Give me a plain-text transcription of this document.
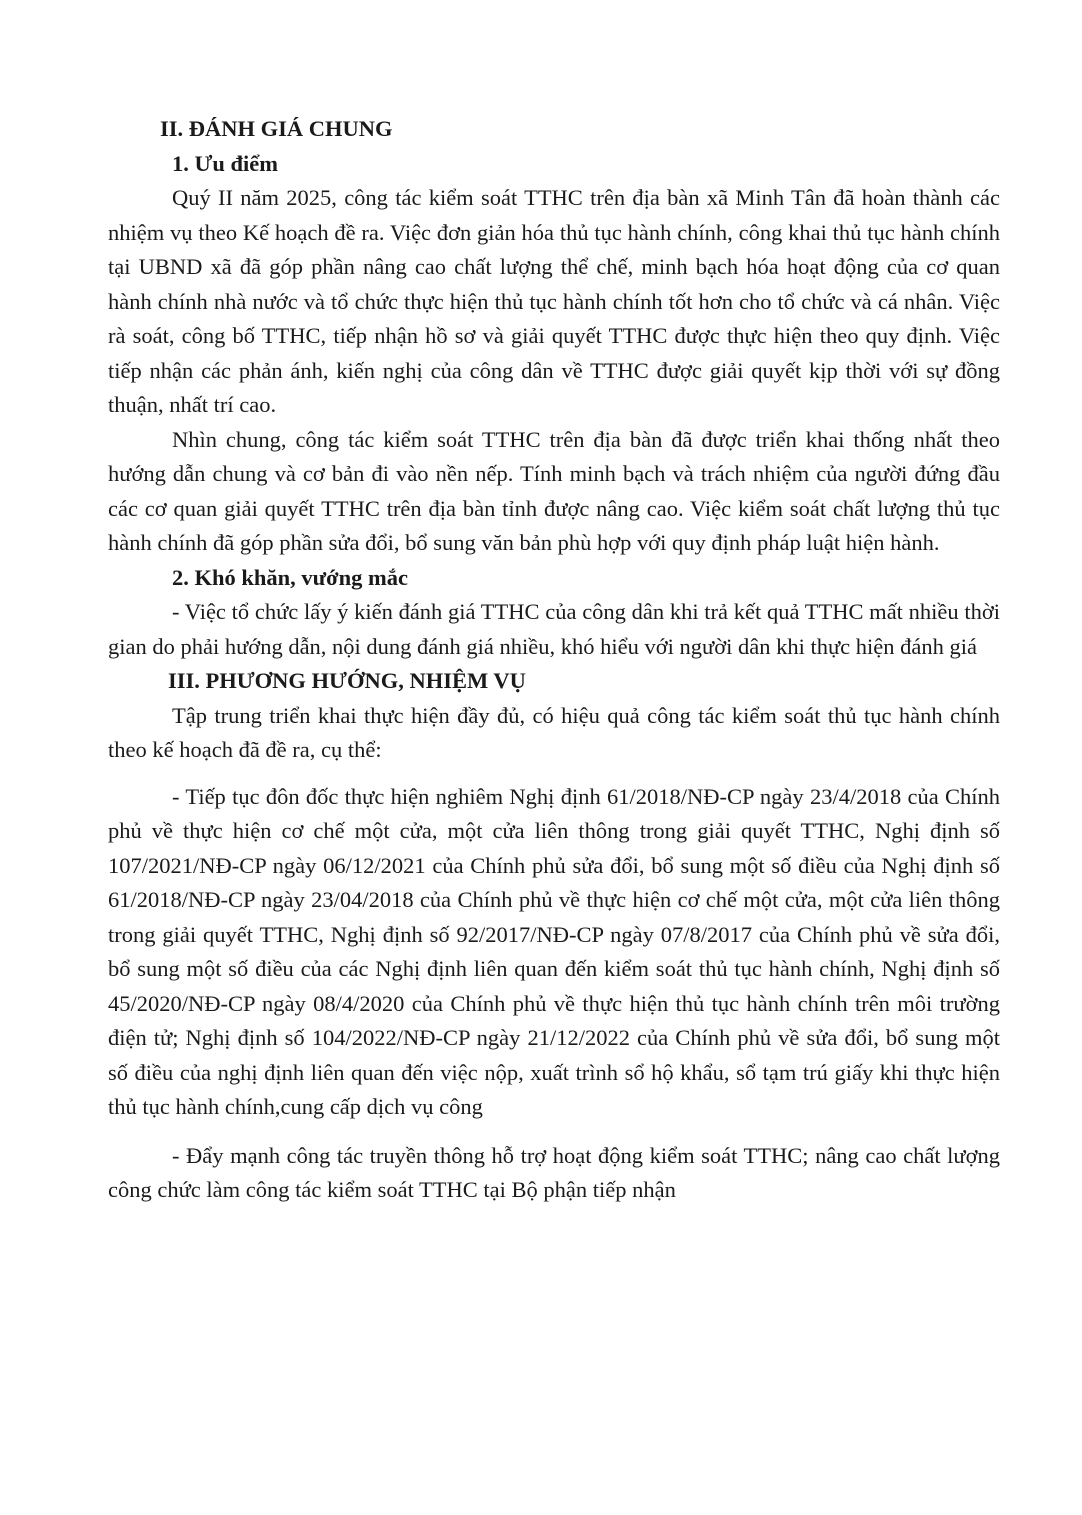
II. ĐÁNH GIÁ CHUNG

1. Ưu điểm

Quý II năm 2025, công tác kiểm soát TTHC trên địa bàn xã Minh Tân đã hoàn thành các nhiệm vụ theo Kế hoạch đề ra. Việc đơn giản hóa thủ tục hành chính, công khai thủ tục hành chính tại UBND xã đã góp phần nâng cao chất lượng thể chế, minh bạch hóa hoạt động của cơ quan hành chính nhà nước và tổ chức thực hiện thủ tục hành chính tốt hơn cho tổ chức và cá nhân. Việc rà soát, công bố TTHC, tiếp nhận hồ sơ và giải quyết TTHC được thực hiện theo quy định. Việc tiếp nhận các phản ánh, kiến nghị của công dân về TTHC được giải quyết kịp thời với sự đồng thuận, nhất trí cao.

Nhìn chung, công tác kiểm soát TTHC trên địa bàn đã được triển khai thống nhất theo hướng dẫn chung và cơ bản đi vào nền nếp. Tính minh bạch và trách nhiệm của người đứng đầu các cơ quan giải quyết TTHC trên địa bàn tỉnh được nâng cao. Việc kiểm soát chất lượng thủ tục hành chính đã góp phần sửa đổi, bổ sung văn bản phù hợp với quy định pháp luật hiện hành.

2. Khó khăn, vướng mắc

- Việc tổ chức lấy ý kiến đánh giá TTHC của công dân khi trả kết quả TTHC mất nhiều thời gian do phải hướng dẫn, nội dung đánh giá nhiều, khó hiểu với người dân khi thực hiện đánh giá

III. PHƯƠNG HƯỚNG, NHIỆM VỤ

Tập trung triển khai thực hiện đầy đủ, có hiệu quả công tác kiểm soát thủ tục hành chính theo kế hoạch đã đề ra, cụ thể:

- Tiếp tục đôn đốc thực hiện nghiêm Nghị định 61/2018/NĐ-CP ngày 23/4/2018 của Chính phủ về thực hiện cơ chế một cửa, một cửa liên thông trong giải quyết TTHC, Nghị định số 107/2021/NĐ-CP ngày 06/12/2021 của Chính phủ sửa đổi, bổ sung một số điều của Nghị định số 61/2018/NĐ-CP ngày 23/04/2018 của Chính phủ về thực hiện cơ chế một cửa, một cửa liên thông trong giải quyết TTHC, Nghị định số 92/2017/NĐ-CP ngày 07/8/2017 của Chính phủ về sửa đổi, bổ sung một số điều của các Nghị định liên quan đến kiểm soát thủ tục hành chính, Nghị định số 45/2020/NĐ-CP ngày 08/4/2020 của Chính phủ về thực hiện thủ tục hành chính trên môi trường điện tử; Nghị định số 104/2022/NĐ-CP ngày 21/12/2022 của Chính phủ về sửa đổi, bổ sung một số điều của nghị định liên quan đến việc nộp, xuất trình sổ hộ khẩu, sổ tạm trú giấy khi thực hiện thủ tục hành chính,cung cấp dịch vụ công

- Đẩy mạnh công tác truyền thông hỗ trợ hoạt động kiểm soát TTHC; nâng cao chất lượng công chức làm công tác kiểm soát TTHC tại Bộ phận tiếp nhận
